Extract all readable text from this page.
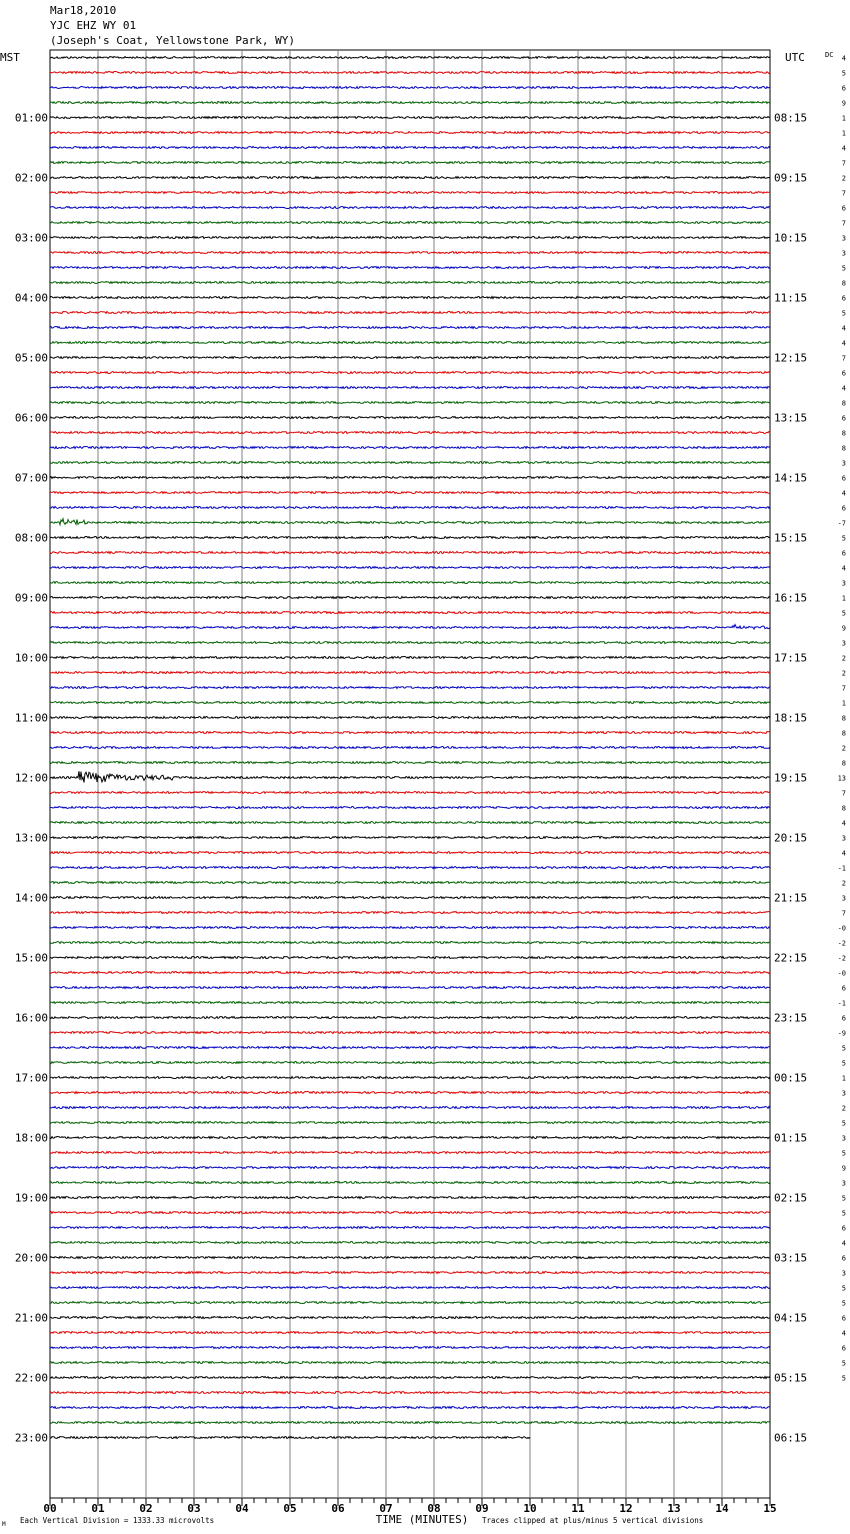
Mar18,2010
YJC EHZ WY 01
(Joseph's Coat, Yellowstone Park, WY)
MST	UTC	DC
01:00
02:00
03:00
04:00
05:00
06:00
07:00
08:00
09:00
10:00
11:00
12:00
13:00
14:00
15:00
16:00
17:00
18:00
19:00
20:00
21:00
22:00
23:00
08:15
09:15
10:15
11:15
12:15
13:15
14:15
15:15
16:15
17:15
18:15
19:15
20:15
21:15
22:15
23:15
00:15
01:15
02:15
03:15
04:15
05:15
06:15
4
5
6
9
1
1
4
7
2
7
6
7
3
3
5
8
6
5
4
4
7
6
4
8
6
8
8
3
6
4
6
-7
5
6
4
3
1
5
9
3
2
2
7
1
8
8
2
8
13
7
8
4
3
4
-1
2
3
7
-0
-2
-2
-0
6
-1
6
-9
5
5
1
3
2
5
3
5
9
3
5
5
6
4
6
3
5
5
6
4
6
5
5
00	01	02	03	04	05	06	07	08	09	10	11	12	13	14	15
TIME (MINUTES)
Each Vertical Division = 1333.33 microvolts	Traces clipped at plus/minus 5 vertical divisions
M
